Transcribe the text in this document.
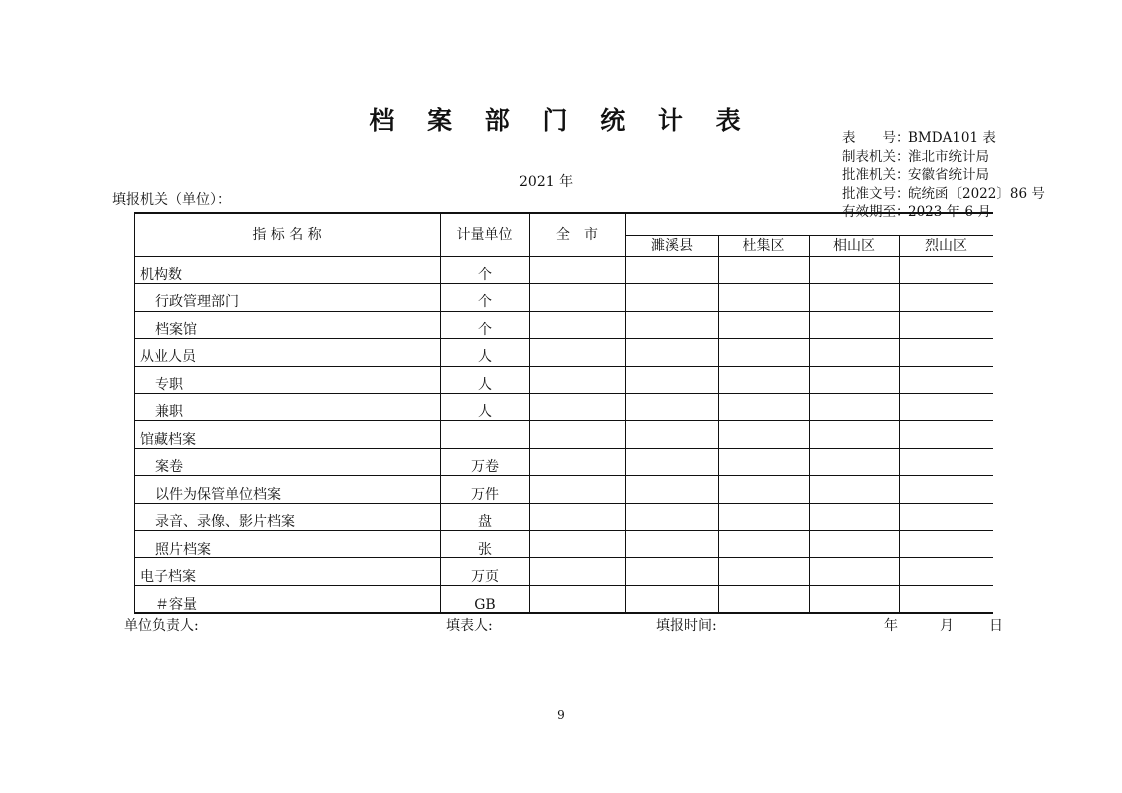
档 案 部 门 统 计 表
表　　号：BMDA101 表
制表机关：淮北市统计局
批准机关：安徽省统计局
批准文号：皖统函〔2022〕86 号
有效期至：2023 年 6 月
2021 年
填报机关（单位）：
指 标 名 称	计量单位	全　市
濉溪县	杜集区	相山区	烈山区
机构数	个
行政管理部门	个
档案馆	个
从业人员	人
专职	人
兼职	人
馆藏档案
案卷	万卷
以件为保管单位档案	万件
录音、录像、影片档案	盘
照片档案	张
电子档案	万页
＃容量	GB
单位负责人:	填表人:	填报时间:	年	月	日
9
